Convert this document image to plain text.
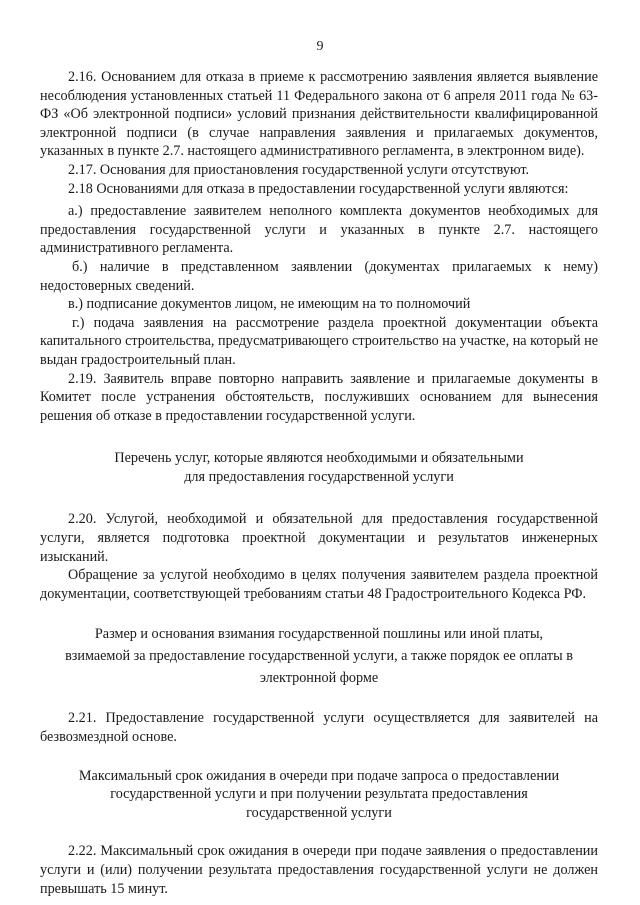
9

2.16. Основанием для отказа в приеме к рассмотрению заявления является выявление несоблюдения установленных статьей 11 Федерального закона от 6 апреля 2011 года № 63-ФЗ «Об электронной подписи» условий признания действительности квалифицированной электронной подписи (в случае направления заявления и прилагаемых документов, указанных в пункте 2.7. настоящего административного регламента, в электронном виде).

2.17. Основания для приостановления государственной услуги отсутствуют.

2.18 Основаниями для отказа в предоставлении государственной услуги являются:

а.) предоставление заявителем неполного комплекта документов необходимых для предоставления государственной услуги и указанных в пункте 2.7. настоящего административного регламента.

б.) наличие в представленном заявлении (документах прилагаемых к нему) недостоверных сведений.

в.) подписание документов лицом, не имеющим на то полномочий

г.) подача заявления на рассмотрение раздела проектной документации объекта капитального строительства, предусматривающего строительство на участке, на который не выдан градостроительный план.

2.19. Заявитель вправе повторно направить заявление и прилагаемые документы в Комитет после устранения обстоятельств, послуживших основанием для вынесения решения об отказе в предоставлении государственной услуги.

Перечень услуг, которые являются необходимыми и обязательными
для предоставления государственной услуги

2.20. Услугой, необходимой и обязательной для предоставления государственной услуги, является подготовка проектной документации и результатов инженерных изысканий.

Обращение за услугой необходимо в целях получения заявителем раздела проектной документации, соответствующей требованиям статьи 48 Градостроительного Кодекса РФ.

Размер и основания взимания государственной пошлины или иной платы,
взимаемой за предоставление государственной услуги, а также порядок ее оплаты в
электронной форме

2.21. Предоставление государственной услуги осуществляется для заявителей на безвозмездной основе.

Максимальный срок ожидания в очереди при подаче запроса о предоставлении государственной услуги и при получении результата предоставления государственной услуги

2.22. Максимальный срок ожидания в очереди при подаче заявления о предоставлении услуги и (или) получении результата предоставления государственной услуги не должен превышать 15 минут.
